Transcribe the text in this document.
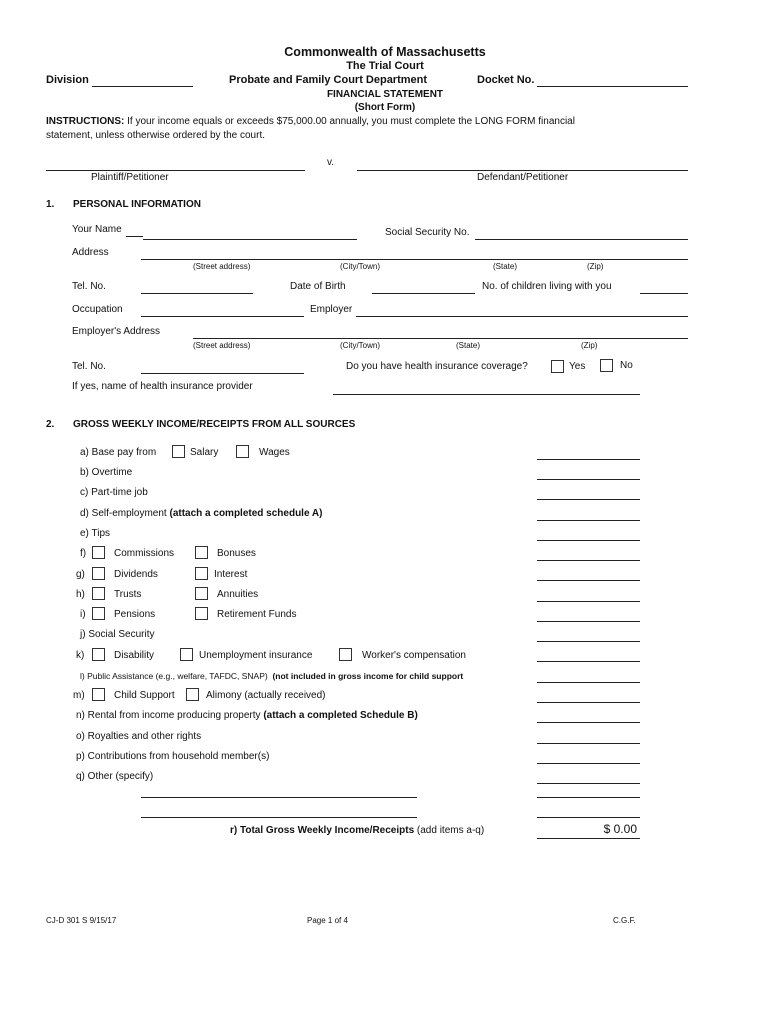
Commonwealth of Massachusetts
The Trial Court
Probate and Family Court Department
Division	Docket No.
FINANCIAL STATEMENT
(Short Form)
INSTRUCTIONS: If your income equals or exceeds $75,000.00 annually, you must complete the LONG FORM financial
statement, unless otherwise ordered by the court.
v.
Plaintiff/Petitioner	Defendant/Petitioner
1. PERSONAL INFORMATION
Your Name	Social Security No.
Address
(Street address)	(City/Town)	(State)	(Zip)
Tel. No.	Date of Birth	No. of children living with you
Occupation	Employer
Employer's Address
(Street address)	(City/Town)	(State)	(Zip)
Tel. No.	Do you have health insurance coverage?	Yes	No
If yes, name of health insurance provider
2. GROSS WEEKLY INCOME/RECEIPTS FROM ALL SOURCES
a) Base pay from	Salary	Wages
b) Overtime
c) Part-time job
d) Self-employment (attach a completed schedule A)
e) Tips
f)	Commissions	Bonuses
g)	Dividends	Interest
h)	Trusts	Annuities
i)	Pensions	Retirement Funds
j) Social Security
k)	Disability	Unemployment insurance	Worker's compensation
l) Public Assistance (e.g., welfare, TAFDC, SNAP) (not included in gross income for child support
m)	Child Support	Alimony (actually received)
n) Rental from income producing property (attach a completed Schedule B)
o) Royalties and other rights
p) Contributions from household member(s)
q) Other (specify)
r) Total Gross Weekly Income/Receipts (add items a-q)	$ 0.00
CJ-D 301 S 9/15/17	Page 1 of 4	C.G.F.
